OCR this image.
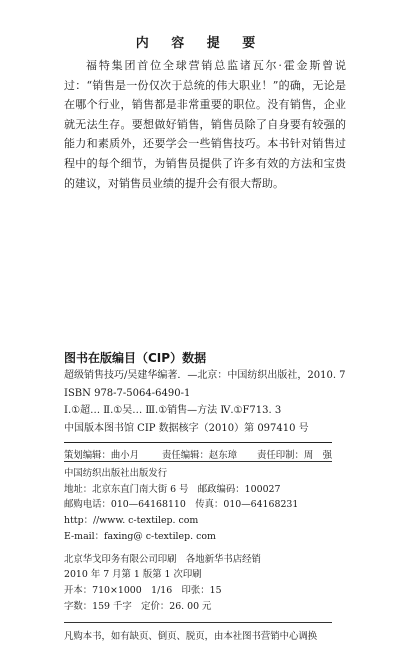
内 容 提 要

福特集团首位全球营销总监诸瓦尔·霍金斯曾说过：“销售是一份仅次于总统的伟大职业！”的确，无论是在哪个行业，销售都是非常重要的职位。没有销售，企业就无法生存。要想做好销售，销售员除了自身要有较强的能力和素质外，还要学会一些销售技巧。本书针对销售过程中的每个细节，为销售员提供了许多有效的方法和宝贵的建议，对销售员业绩的提升会有很大帮助。

图书在版编目（CIP）数据
超级销售技巧/吴建华编著．—北京：中国纺织出版社，2010. 7
ISBN 978-7-5064-6490-1
Ⅰ.①超… Ⅱ.①吴… Ⅲ.①销售—方法 Ⅳ.①F713. 3
中国版本图书馆 CIP 数据核字（2010）第 097410 号
策划编辑：曲小月 责任编辑：赵东璋 责任印制：周　强
中国纺织出版社出版发行
地址：北京东直门南大街 6 号　邮政编码：100027
邮购电话：010—64168110　传真：010—64168231
http：//www. c-textilep. com
E-mail：faxing@ c-textilep. com
北京华戈印务有限公司印刷　各地新华书店经销
2010 年 7 月第 1 版第 1 次印刷
开本：710×1000　1/16　印张：15
字数：159 千字　定价：26. 00 元
凡购本书，如有缺页、倒页、脱页，由本社图书营销中心调换
